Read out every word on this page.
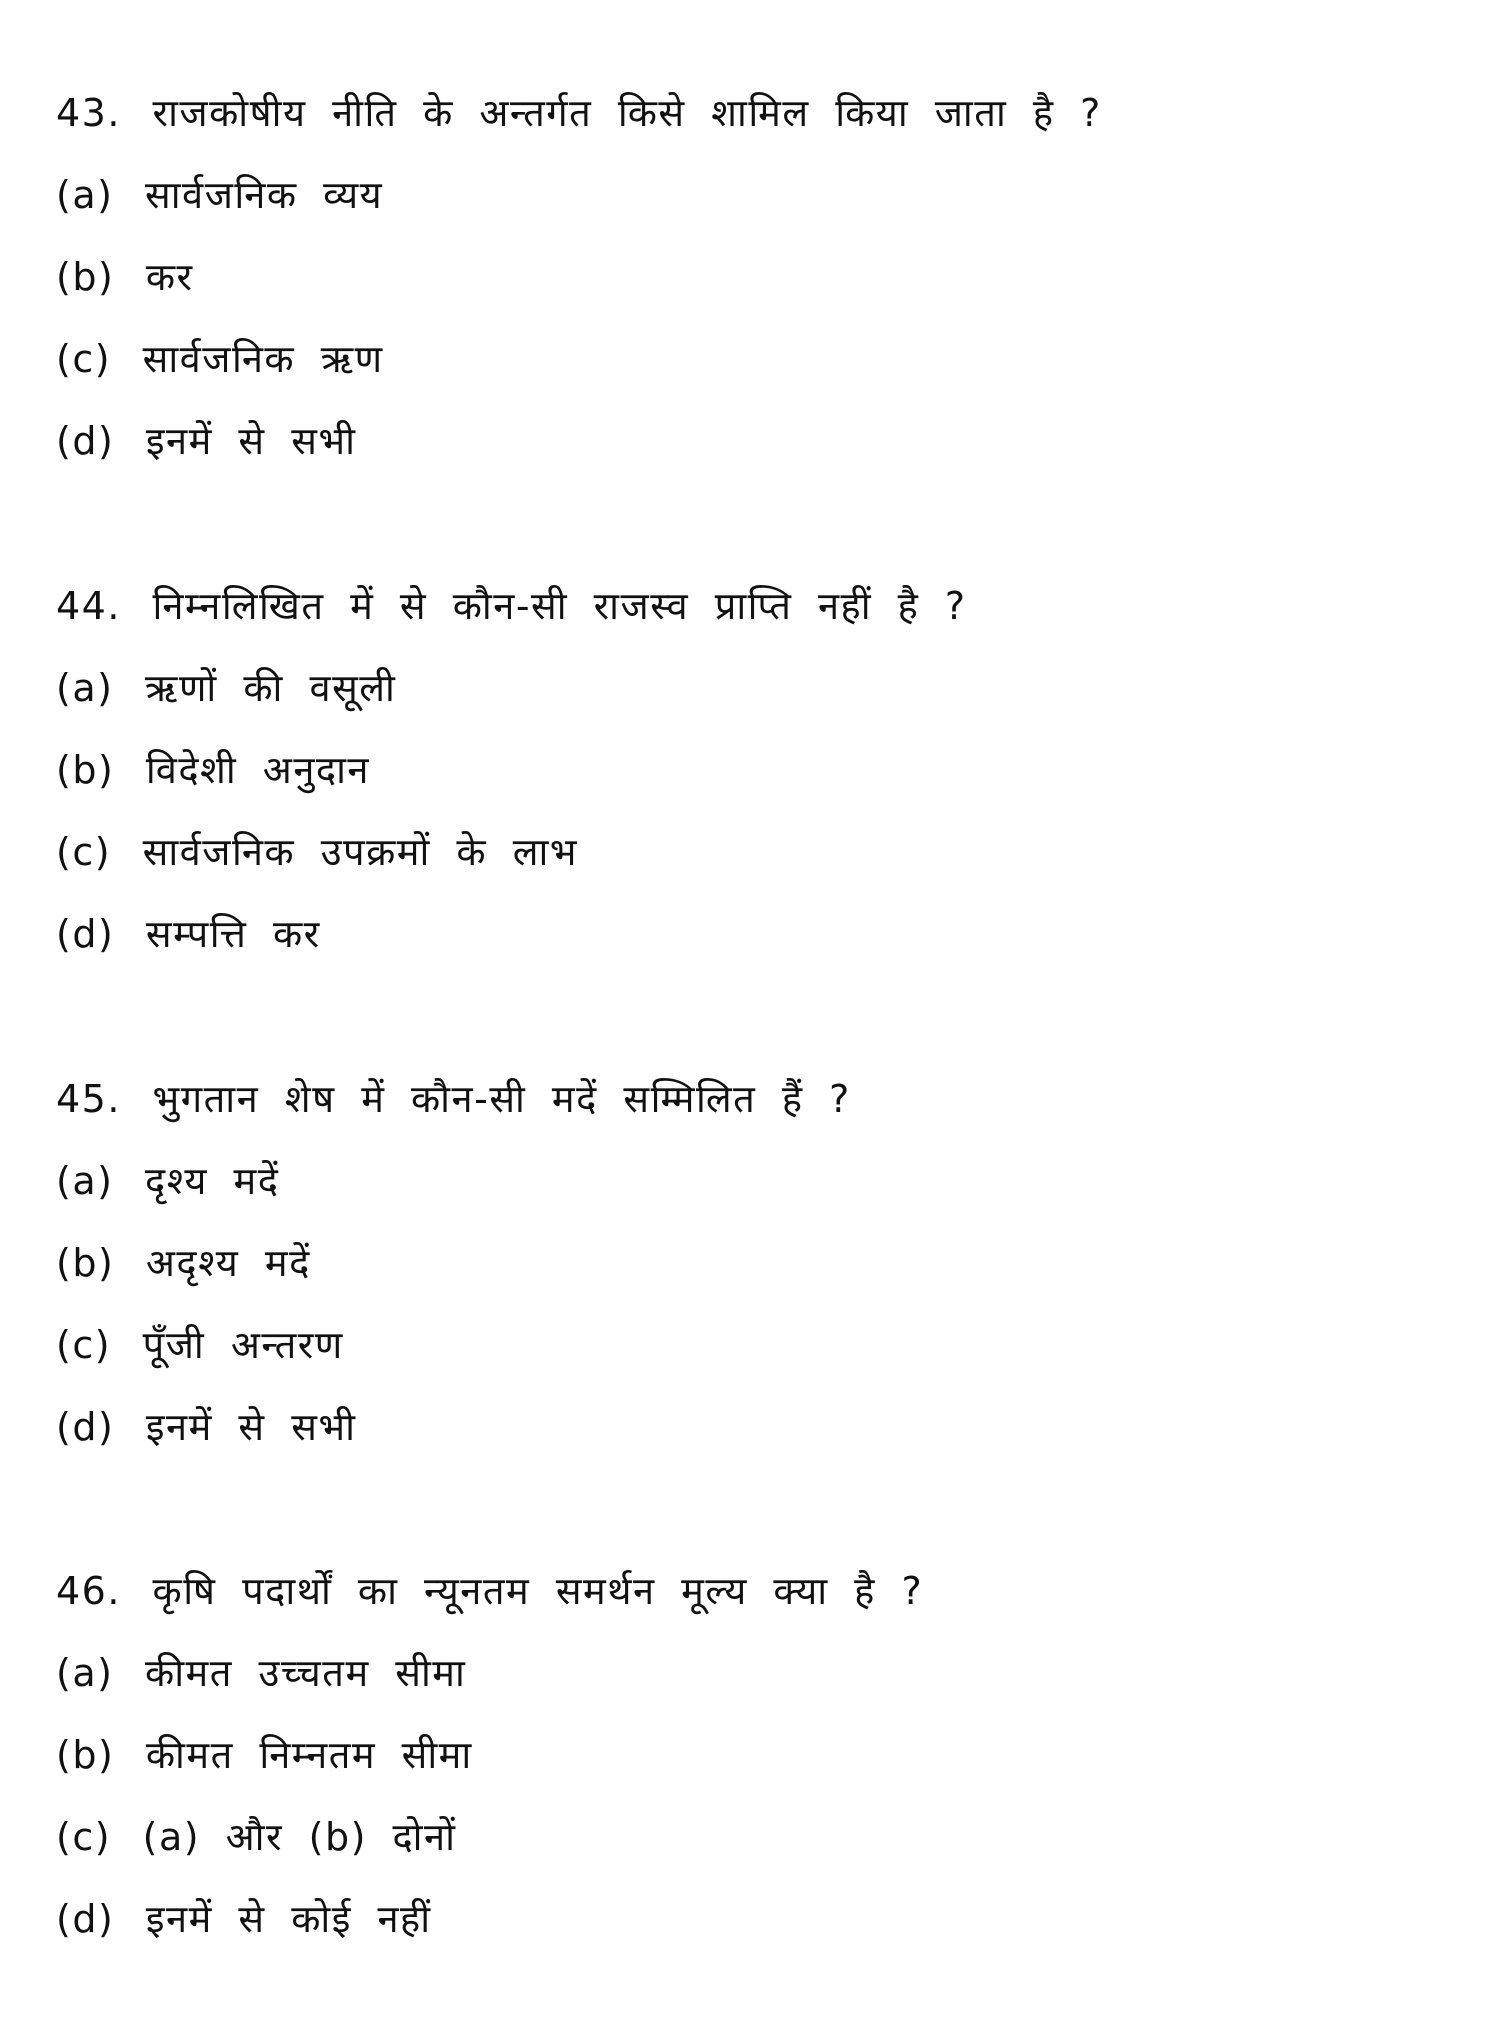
43. राजकोषीय नीति के अन्तर्गत किसे शामिल किया जाता है ?
(a) सार्वजनिक व्यय
(b) कर
(c) सार्वजनिक ऋण
(d) इनमें से सभी
44. निम्नलिखित में से कौन-सी राजस्व प्राप्ति नहीं है ?
(a) ऋणों की वसूली
(b) विदेशी अनुदान
(c) सार्वजनिक उपक्रमों के लाभ
(d) सम्पत्ति कर
45. भुगतान शेष में कौन-सी मदें सम्मिलित हैं ?
(a) दृश्य मदें
(b) अदृश्य मदें
(c) पूँजी अन्तरण
(d) इनमें से सभी
46. कृषि पदार्थों का न्यूनतम समर्थन मूल्य क्या है ?
(a) कीमत उच्चतम सीमा
(b) कीमत निम्नतम सीमा
(c) (a) और (b) दोनों
(d) इनमें से कोई नहीं
